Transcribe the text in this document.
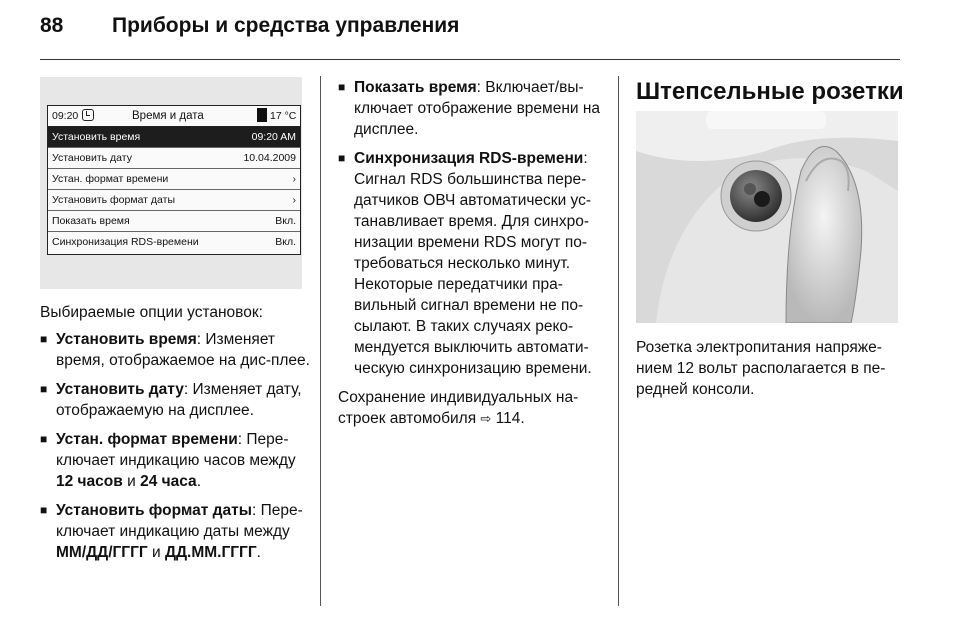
88 Приборы и средства управления
09:20	Время и дата	17 °C
Установить время	09:20 AM
Установить дату	10.04.2009
Устан. формат времени	›
Установить формат даты	›
Показать время	Вкл.
Синхронизация RDS-времени	Вкл.

Выбираемые опции установок:

■ Установить время: Изменяет время, отображаемое на дис-плее.
■ Установить дату: Изменяет дату, отображаемую на дисплее.
■ Устан. формат времени: Пере-ключает индикацию часов между 12 часов и 24 часа.
■ Установить формат даты: Пере-ключает индикацию даты между ММ/ДД/ГГГГ и ДД.ММ.ГГГГ.
■ Показать время: Включает/вы-ключает отображение времени на дисплее.
■ Синхронизация RDS-времени: Сигнал RDS большинства пере-датчиков ОВЧ автоматически ус-танавливает время. Для синхро-низации времени RDS могут по-требоваться несколько минут. Некоторые передатчики пра-вильный сигнал времени не по-сылают. В таких случаях реко-мендуется выключить автомати-ческую синхронизацию времени.

Сохранение индивидуальных на-строек автомобиля ⇨ 114.

Штепсельные розетки

Розетка электропитания напряже-нием 12 вольт располагается в пе-редней консоли.
